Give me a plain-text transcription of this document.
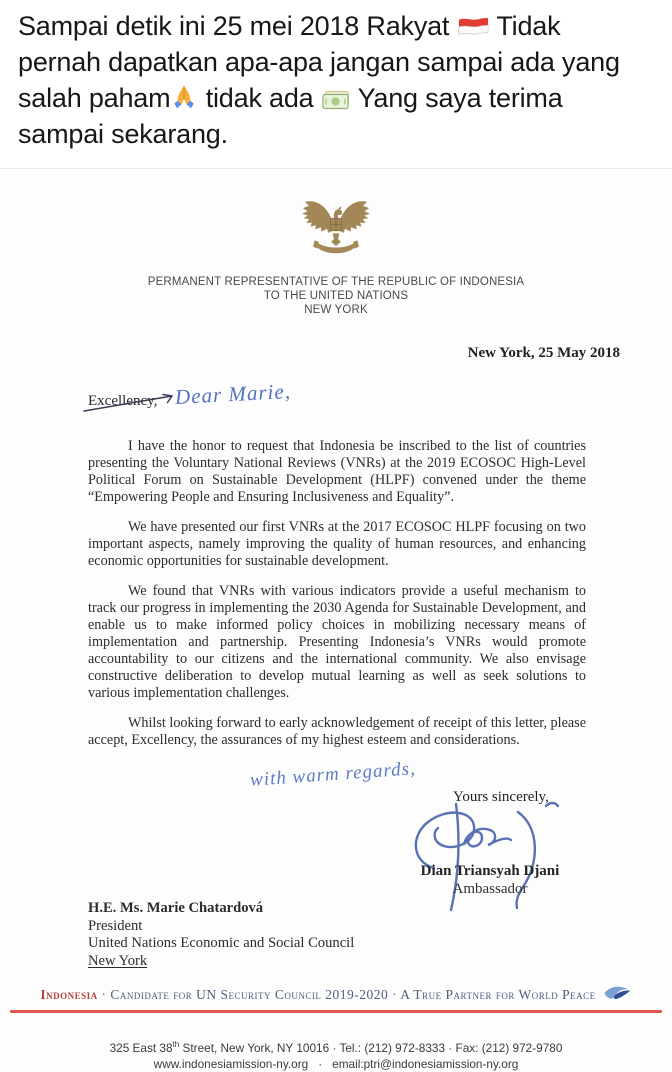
Sampai detik ini 25 mei 2018 Rakyat
Tidak
pernah dapatkan apa-apa jangan sampai ada yang
salah paham
tidak ada
Yang saya terima
sampai sekarang.
PERMANENT REPRESENTATIVE OF THE REPUBLIC OF INDONESIA
TO THE UNITED NATIONS
NEW YORK
New York, 25 May 2018
Excellency, Dear Marie,

I have the honor to request that Indonesia be inscribed to the list of countries presenting the Voluntary National Reviews (VNRs) at the 2019 ECOSOC High-Level Political Forum on Sustainable Development (HLPF) convened under the theme “Empowering People and Ensuring Inclusiveness and Equality”.

We have presented our first VNRs at the 2017 ECOSOC HLPF focusing on two important aspects, namely improving the quality of human resources, and enhancing economic opportunities for sustainable development.

We found that VNRs with various indicators provide a useful mechanism to track our progress in implementing the 2030 Agenda for Sustainable Development, and enable us to make informed policy choices in mobilizing necessary means of implementation and partnership. Presenting Indonesia’s VNRs would promote accountability to our citizens and the international community. We also envisage constructive deliberation to develop mutual learning as well as seek solutions to various implementation challenges.

Whilst looking forward to early acknowledgement of receipt of this letter, please accept, Excellency, the assurances of my highest esteem and considerations.

with warm regards,
Yours sincerely,
Dian Triansyah Djani
Ambassador
H.E. Ms. Marie Chatardová
President
United Nations Economic and Social Council
New York
Indonesia · Candidate for UN Security Council 2019-2020 · A True Partner for World Peace
325 East 38th Street, New York, NY 10016 · Tel.: (212) 972-8333 · Fax: (212) 972-9780
www.indonesiamission-ny.org · email:ptri@indonesiamission-ny.org
